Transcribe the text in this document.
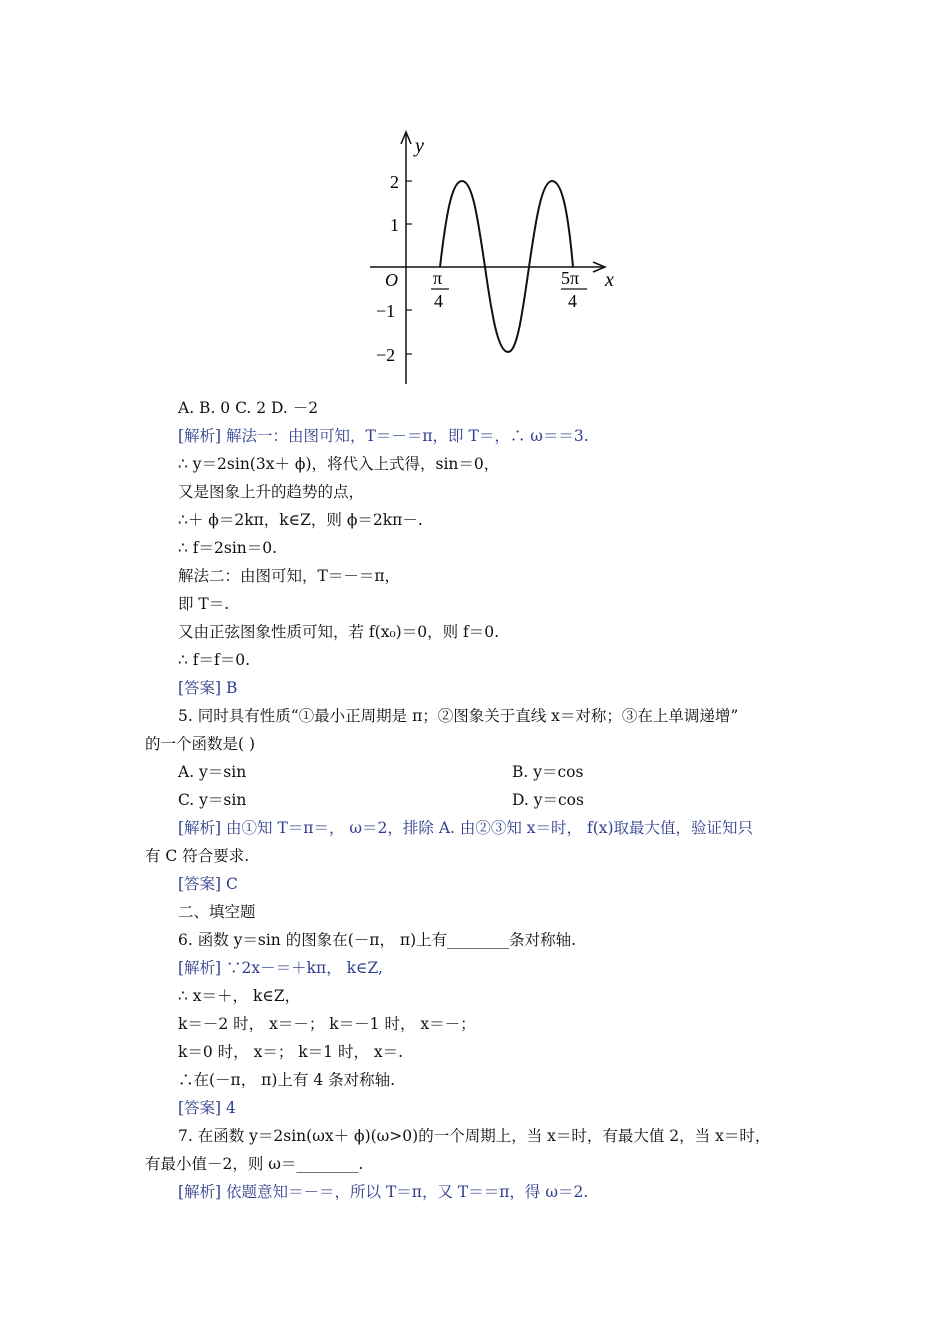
y
x
O
2
1
−1
−2
π
4
5π
4
A. B. 0 C. 2 D. －2
[解析] 解法一：由图可知，T＝－＝π，即 T＝，∴ ω＝＝3.
∴ y＝2sin(3x＋ ϕ)，将代入上式得，sin＝0，
又是图象上升的趋势的点，
∴＋ ϕ＝2kπ，k∈Z，则 ϕ＝2kπ－.
∴ f＝2sin＝0.
解法二：由图可知，T＝－＝π，
即 T＝.
又由正弦图象性质可知，若 f(x₀)＝0，则 f＝0.
∴ f＝f＝0.
[答案] B
5. 同时具有性质“①最小正周期是 π；②图象关于直线 x＝对称；③在上单调递增”
的一个函数是( )
A. y＝sin	B. y＝cos
C. y＝sin	D. y＝cos
[解析] 由①知 T＝π＝， ω＝2，排除 A. 由②③知 x＝时， f(x)取最大值，验证知只
有 C 符合要求.
[答案] C
二、填空题
6. 函数 y＝sin 的图象在(－π， π)上有________条对称轴.
[解析] ∵2x－＝＋kπ， k∈Z,
∴ x＝＋， k∈Z，
k＝－2 时， x＝－； k＝－1 时， x＝－；
k＝0 时， x＝； k＝1 时， x＝.
∴在(－π， π)上有 4 条对称轴.
[答案] 4
7. 在函数 y＝2sin(ωx＋ ϕ)(ω>0)的一个周期上，当 x＝时，有最大值 2，当 x＝时，
有最小值－2，则 ω＝________.
[解析] 依题意知＝－＝，所以 T＝π，又 T＝＝π，得 ω＝2.
